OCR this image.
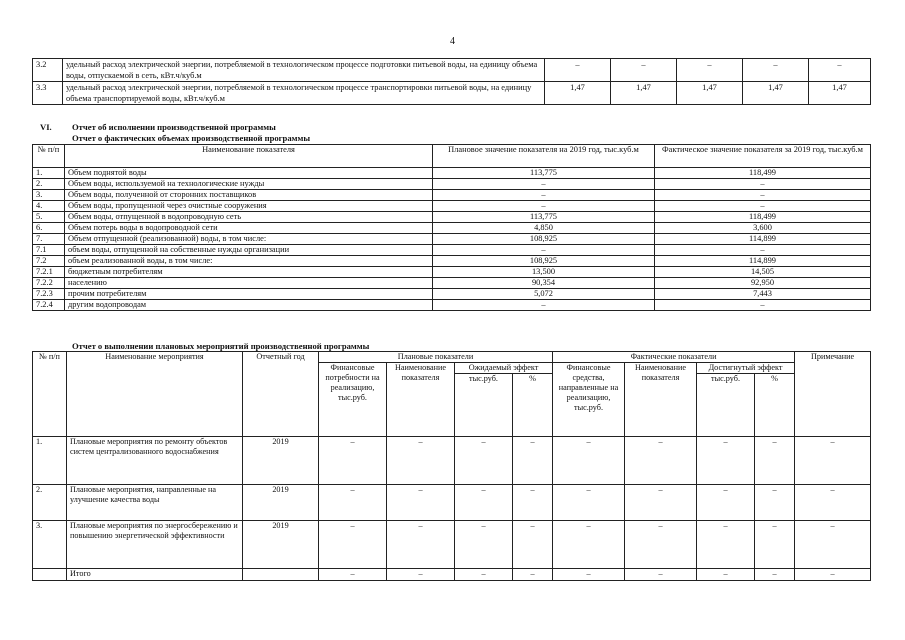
4
3.2	удельный расход электрической энергии, потребляемой в технологическом процессе подготовки питьевой воды, на единицу объема воды, отпускаемой в сеть, кВт.ч/куб.м	–	–	–	–	–
3.3	удельный расход электрической энергии, потребляемой в технологическом процессе транспортировки питьевой воды, на единицу объема транспортируемой воды, кВт.ч/куб.м	1,47	1,47	1,47	1,47	1,47
VI. Отчет об исполнении производственной программы
Отчет о фактических объемах производственной программы
№ п/п	Наименование показателя	Плановое значение показателя на 2019 год, тыс.куб.м	Фактическое значение показателя за 2019 год, тыс.куб.м
1.	Объем поднятой воды	113,775	118,499
2.	Объем воды, используемой на технологические нужды	–	–
3.	Объем воды, полученной от сторонних поставщиков	–	–
4.	Объем воды, пропущенной через очистные сооружения	–	–
5.	Объем воды, отпущенной в водопроводную сеть	113,775	118,499
6.	Объем потерь воды в водопроводной сети	4,850	3,600
7.	Объем отпущенной (реализованной) воды, в том числе:	108,925	114,899
7.1	объем воды, отпущенной на собственные нужды организации	–	–
7.2	объем реализованной воды, в том числе:	108,925	114,899
7.2.1	бюджетным потребителям	13,500	14,505
7.2.2	населению	90,354	92,950
7.2.3	прочим потребителям	5,072	7,443
7.2.4	другим водопроводам	–	–
Отчет о выполнении плановых мероприятий производственной программы
№ п/п	Наименование мероприятия	Отчетный год	Плановые показатели				Фактические показатели				Примечание
			Финансовые потребности на реализацию, тыс.руб.	Наименование показателя	Ожидаемый эффект		Финансовые средства, направленные на реализацию, тыс.руб.	Наименование показателя	Достигнутый эффект		
					тыс.руб.	%			тыс.руб.	%	
1.	Плановые мероприятия по ремонту объектов систем централизованного водоснабжения	2019	–	–	–	–	–	–	–	–	–
2.	Плановые мероприятия, направленные на улучшение качества воды	2019	–	–	–	–	–	–	–	–	–
3.	Плановые мероприятия по энергосбережению и повышению энергетической эффективности	2019	–	–	–	–	–	–	–	–	–
	Итого		–	–	–	–	–	–	–	–	–
